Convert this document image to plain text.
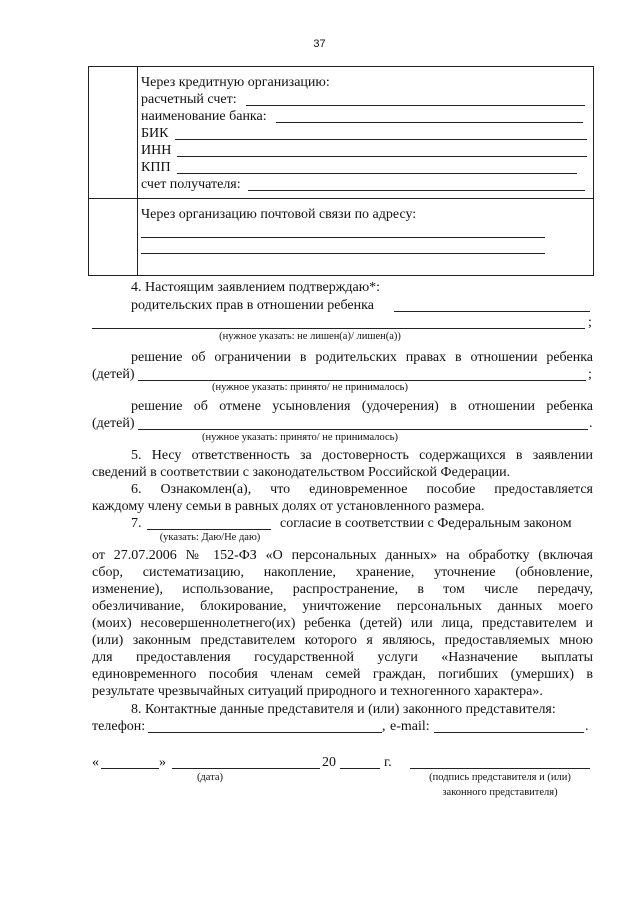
37
Через кредитную организацию:
расчетный счет:
наименование банка:
БИК
ИНН
КПП
счет получателя:
Через организацию почтовой связи по адресу:
4. Настоящим заявлением подтверждаю*:
родительских прав в отношении ребенка
;
(нужное указать: не лишен(а)/ лишен(а))
решение об ограничении в родительских правах в отношении ребенка
(детей)	;
(нужное указать: принято/ не принималось)
решение об отмене усыновления (удочерения) в отношении ребенка
(детей)	.
(нужное указать: принято/ не принималось)
5. Несу ответственность за достоверность содержащихся в заявлении
сведений в соответствии с законодательством Российской Федерации.
6. Ознакомлен(а), что единовременное пособие предоставляется
каждому члену семьи в равных долях от установленного размера.
7.	согласие в соответствии с Федеральным законом
(указать: Даю/Не даю)
от 27.07.2006 № 152-ФЗ «О персональных данных» на обработку (включая
сбор, систематизацию, накопление, хранение, уточнение (обновление,
изменение), использование, распространение, в том числе передачу,
обезличивание, блокирование, уничтожение персональных данных моего
(моих) несовершеннолетнего(их) ребенка (детей) или лица, представителем и
(или) законным представителем которого я являюсь, предоставляемых мною
для предоставления государственной услуги «Назначение выплаты
единовременного пособия членам семей граждан, погибших (умерших) в
результате чрезвычайных ситуаций природного и техногенного характера».
8. Контактные данные представителя и (или) законного представителя:
телефон:	, e-mail:	.
«	»	20	г.
(дата)	(подпись представителя и (или)
законного представителя)
